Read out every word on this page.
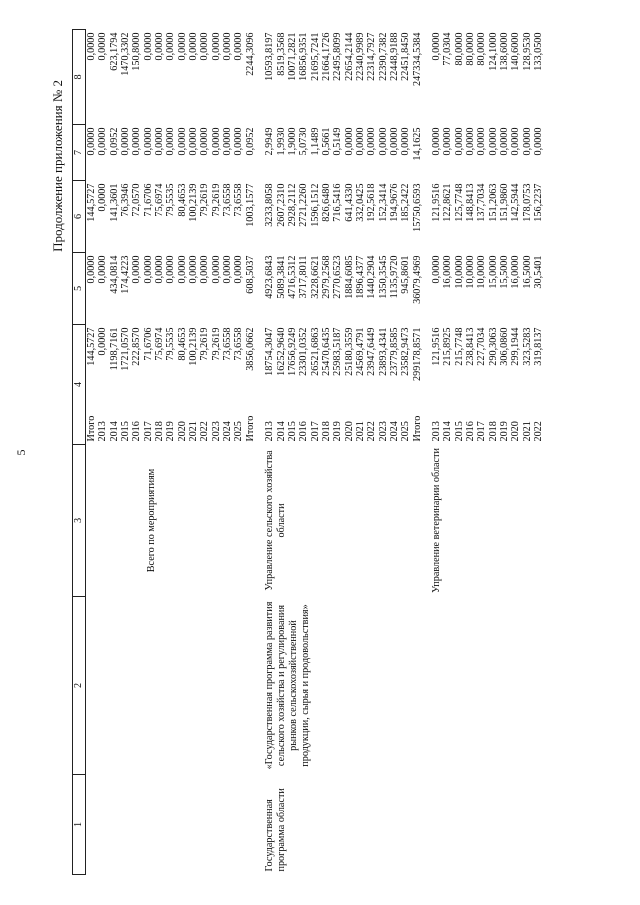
5
Продолжение приложения № 2
1	2	3	4		5	6	7	8
		Всего по мероприятиям	Итого	144,5727	0,0000	144,5727	0,0000	0,0000
			2013	0,0000	0,0000	0,0000	0,0000	0,0000
			2014	1198,7161	434,0814	141,3601	0,0952	623,1794
			2015	1721,0570	174,4223	76,3946	0,0000	1470,3302
			2016	222,8570	0,0000	72,0570	0,0000	150,8000
			2017	71,6706	0,0000	71,6706	0,0000	0,0000
			2018	75,6974	0,0000	75,6974	0,0000	0,0000
			2019	79,5535	0,0000	79,5535	0,0000	0,0000
			2020	80,4653	0,0000	80,4653	0,0000	0,0000
			2021	100,2139	0,0000	100,2139	0,0000	0,0000
			2022	79,2619	0,0000	79,2619	0,0000	0,0000
			2023	79,2619	0,0000	79,2619	0,0000	0,0000
			2024	73,6558	0,0000	73,6558	0,0000	0,0000
			2025	73,6558	0,0000	73,6558	0,0000	0,0000
			Итого	3856,0662	608,5037	1003,1577	0,0952	2244,3096
Государственная программа области	«Государственная программа развития сельского хозяйства и регулирования рынков сельскохозяйственной продукции, сырья и продовольствия»	Управление сельского хозяйства области	2013	18754,3047	4923,6843	3233,8058	2,9949	10593,8197
			2014	16252,9640	5089,3841	2607,2310	1,9930	8519,3568
			2015	17656,9249	4716,5312	2928,2112	1,9000	10071,2821
			2016	23301,0352	3717,8011	2721,2260	5,0730	16856,9351
			2017	26521,6863	3228,6621	1596,1512	1,1489	21695,7241
			2018	25470,6435	2979,2568	826,6480	0,5661	21664,1726
			2019	25983,5187	2770,6523	716,5416	0,5149	22495,8099
			2020	25180,3559	1884,6085	641,4330	0,0000	22654,2144
			2021	24569,4791	1896,4377	332,0425	0,0000	22340,9989
			2022	23947,6449	1440,2904	192,5618	0,0000	22314,7927
			2023	23893,4341	1350,3545	152,3414	0,0000	22390,7382
			2024	23779,8585	1135,9720	194,9676	0,0000	22448,9188
			2025	23582,9473	945,8601	185,2422	0,0000	22451,8450
			Итого	299178,8571	36079,4969	15750,6593	14,1625	247334,5384
		Управление ветеринарии области	2013	121,9516	0,0000	121,9516	0,0000	0,0000
			2014	215,8925	16,0000	122,8621	0,0000	77,0304
			2015	215,7748	10,0000	125,7748	0,0000	80,0000
			2016	238,8413	10,0000	148,8413	0,0000	80,0000
			2017	227,7034	10,0000	137,7034	0,0000	80,0000
			2018	290,3063	15,0000	151,2063	0,0000	124,1000
			2019	306,0860	15,5000	151,9860	0,0000	138,6000
			2020	299,1944	16,0000	142,5944	0,0000	140,6000
			2021	323,5283	16,5000	178,0753	0,0000	128,9530
			2022	319,8137	30,5401	156,2237	0,0000	133,0500
